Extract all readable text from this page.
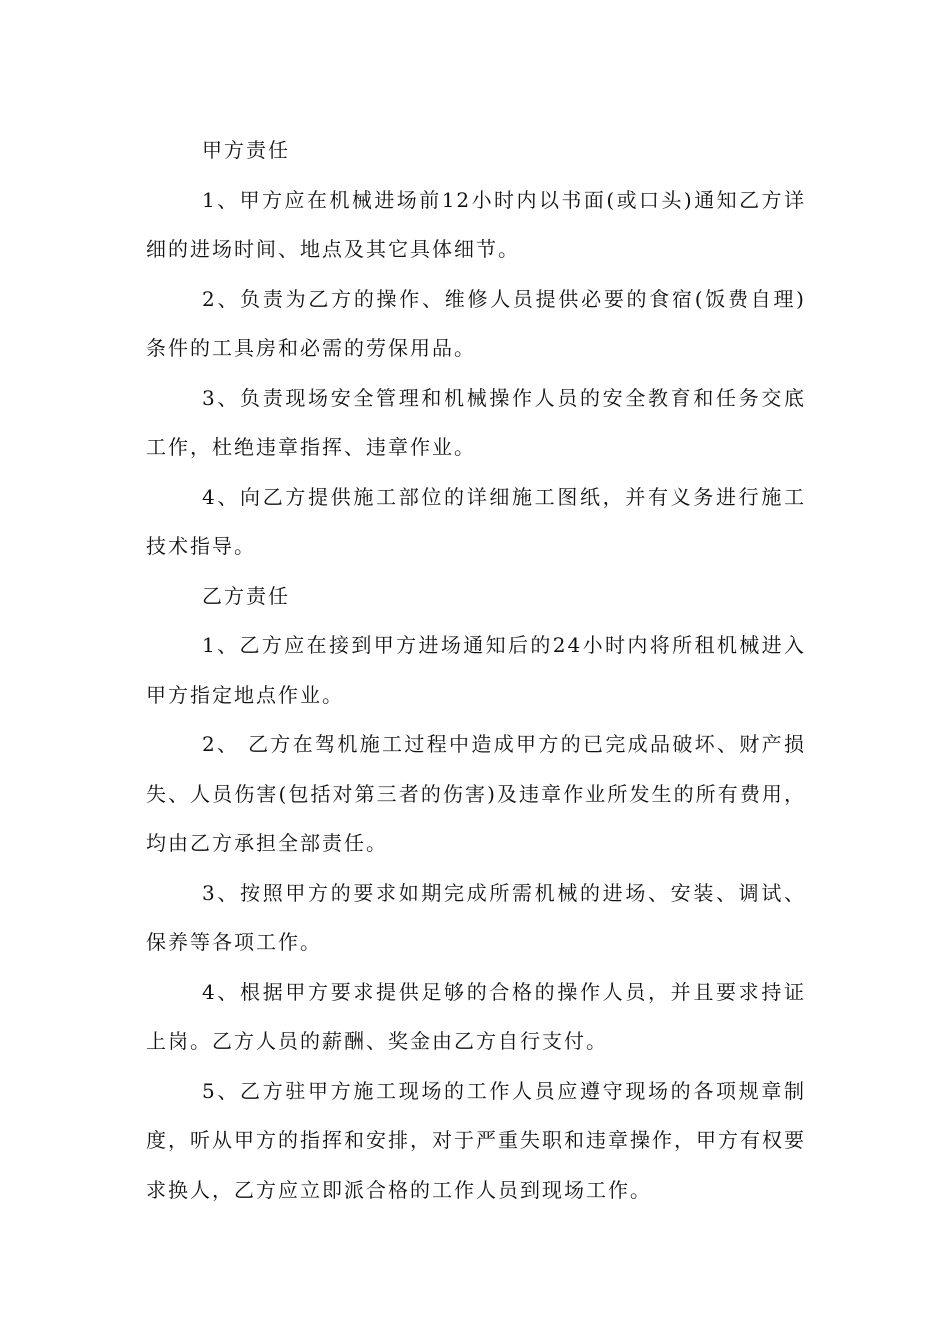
甲方责任

1、甲方应在机械进场前12小时内以书面(或口头)通知乙方详细的进场时间、地点及其它具体细节。

2、负责为乙方的操作、维修人员提供必要的食宿(饭费自理)条件的工具房和必需的劳保用品。

3、负责现场安全管理和机械操作人员的安全教育和任务交底工作，杜绝违章指挥、违章作业。

4、向乙方提供施工部位的详细施工图纸，并有义务进行施工技术指导。

乙方责任

1、乙方应在接到甲方进场通知后的24小时内将所租机械进入甲方指定地点作业。

2、 乙方在驾机施工过程中造成甲方的已完成品破坏、财产损失、人员伤害(包括对第三者的伤害)及违章作业所发生的所有费用，均由乙方承担全部责任。

3、按照甲方的要求如期完成所需机械的进场、安装、调试、保养等各项工作。

4、根据甲方要求提供足够的合格的操作人员，并且要求持证上岗。乙方人员的薪酬、奖金由乙方自行支付。

5、乙方驻甲方施工现场的工作人员应遵守现场的各项规章制度，听从甲方的指挥和安排，对于严重失职和违章操作，甲方有权要求换人，乙方应立即派合格的工作人员到现场工作。
